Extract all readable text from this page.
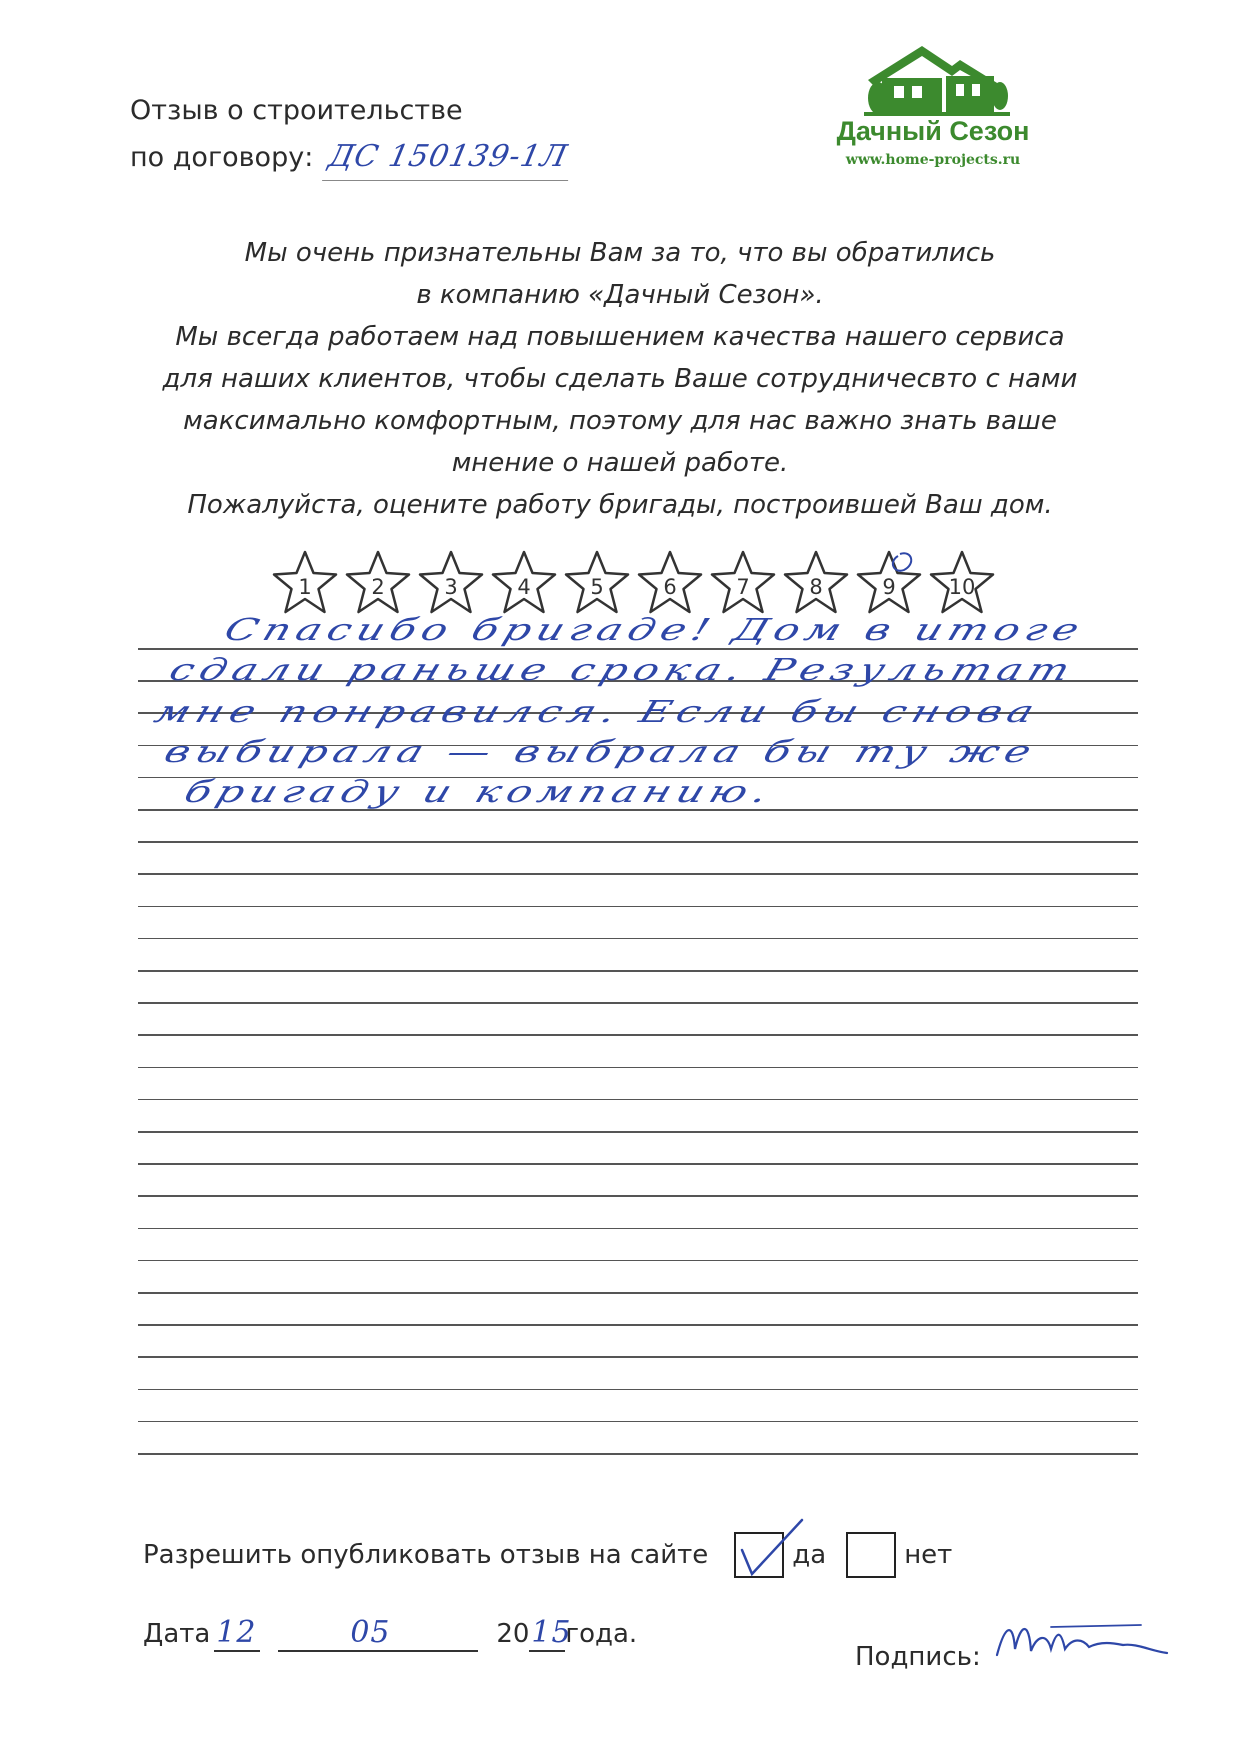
Отзыв о строительстве
по договору: ДС 150139-1Л
Дачный Сезон
www.home-projects.ru

Мы очень признательны Вам за то, что вы обратились

в компанию «Дачный Сезон».

Мы всегда работаем над повышением качества нашего сервиса

для наших клиентов, чтобы сделать Ваше сотрудничесвто с нами

максимально комфортным, поэтому для нас важно знать ваше

мнение о нашей работе.

Пожалуйста, оцените работу бригады, построившей Ваш дом.

1	2	3	4	5	6	7	8	9	10
Спасибо бригаде! Дом в итоге
сдали раньше срока. Результат
мне понравился. Если бы снова
выбирала — выбрала бы ту же
бригаду и компанию.
Разрешить опубликовать отзыв на сайте	да	нет
Дата 12	05	20 15
года.
Подпись:
